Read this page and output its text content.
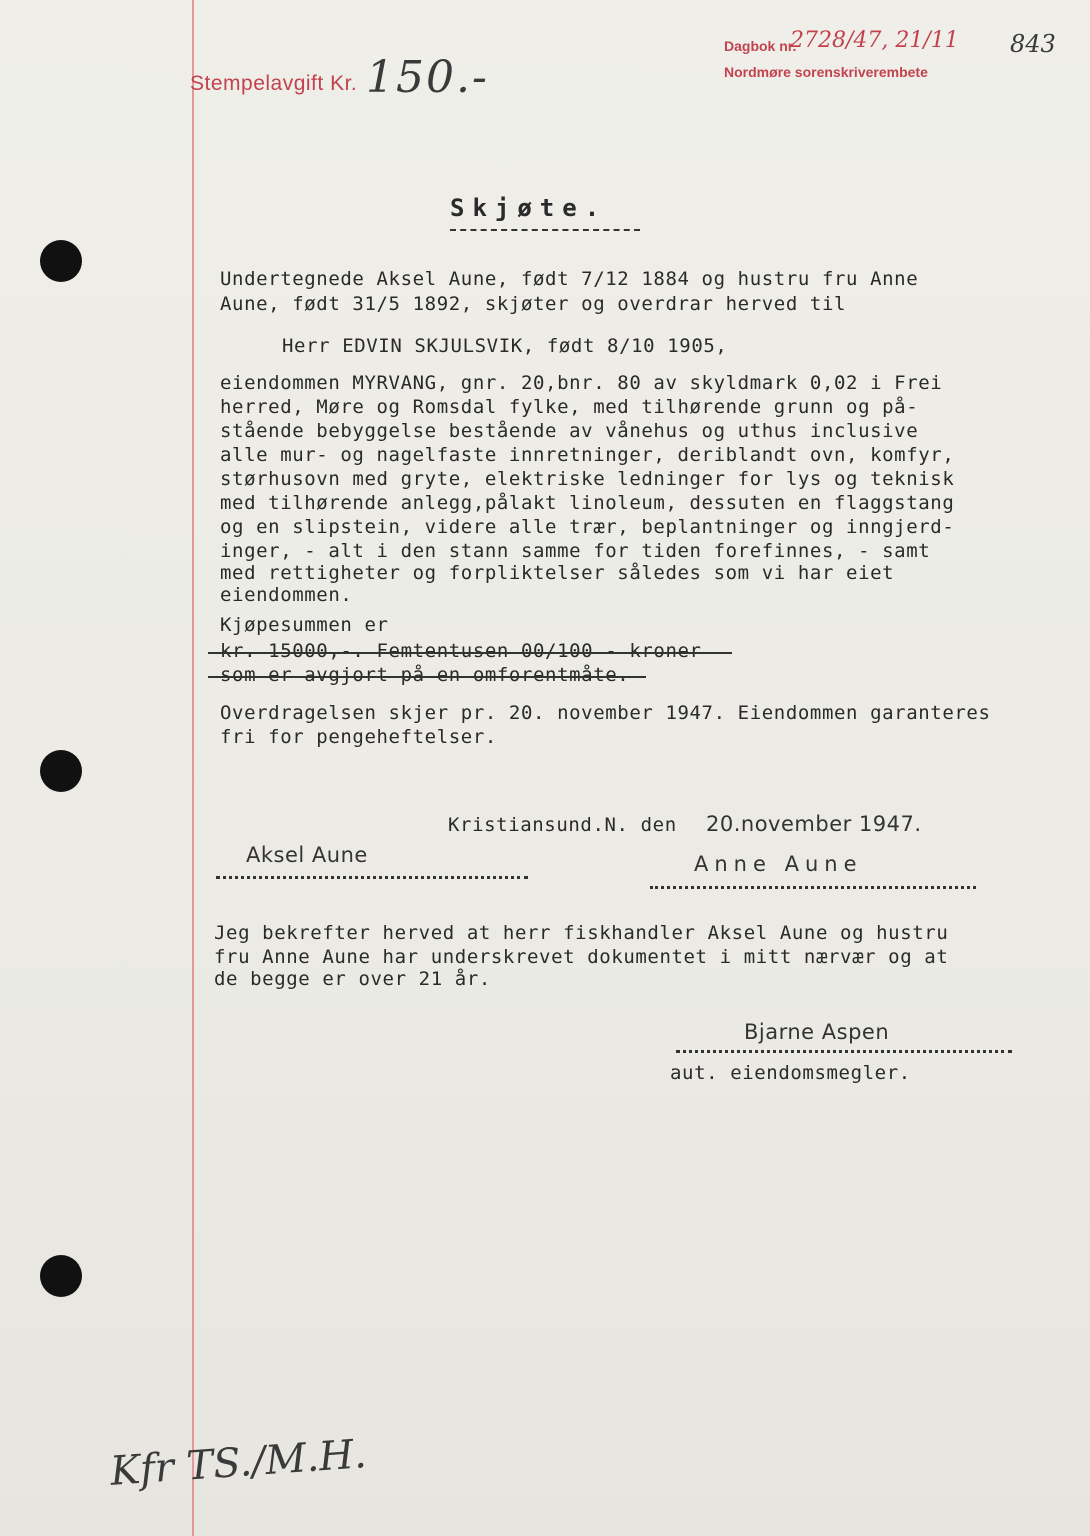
Stempelavgift Kr. 150.-
Dagbok nr.
2728/47, 21/11 843
Nordmøre sorenskriverembete
Skjøte.
Undertegnede Aksel Aune, født 7/12 1884 og hustru fru Anne
Aune, født 31/5 1892, skjøter og overdrar herved til
Herr EDVIN SKJULSVIK, født 8/10 1905,
eiendommen MYRVANG, gnr. 20,bnr. 80 av skyldmark 0,02 i Frei
herred, Møre og Romsdal fylke, med tilhørende grunn og på-
stående bebyggelse bestående av vånehus og uthus inclusive
alle mur- og nagelfaste innretninger, deriblandt ovn, komfyr,
størhusovn med gryte, elektriske ledninger for lys og teknisk
med tilhørende anlegg,pålakt linoleum, dessuten en flaggstang
og en slipstein, videre alle trær, beplantninger og inngjerd-
inger, - alt i den stann samme for tiden forefinnes, - samt
med rettigheter og forpliktelser således som vi har eiet
eiendommen.
Kjøpesummen er
kr. 15000,-. Femtentusen 00/100 - kroner
som er avgjort på en omforentmåte.
Overdragelsen skjer pr. 20. november 1947. Eiendommen garanteres
fri for pengeheftelser.
Kristiansund.N. den 20.november 1947.
Aksel Aune	Anne Aune
Jeg bekrefter herved at herr fiskhandler Aksel Aune og hustru
fru Anne Aune har underskrevet dokumentet i mitt nærvær og at
de begge er over 21 år.
Bjarne Aspen
aut. eiendomsmegler.
Kfr TS./M.H.
